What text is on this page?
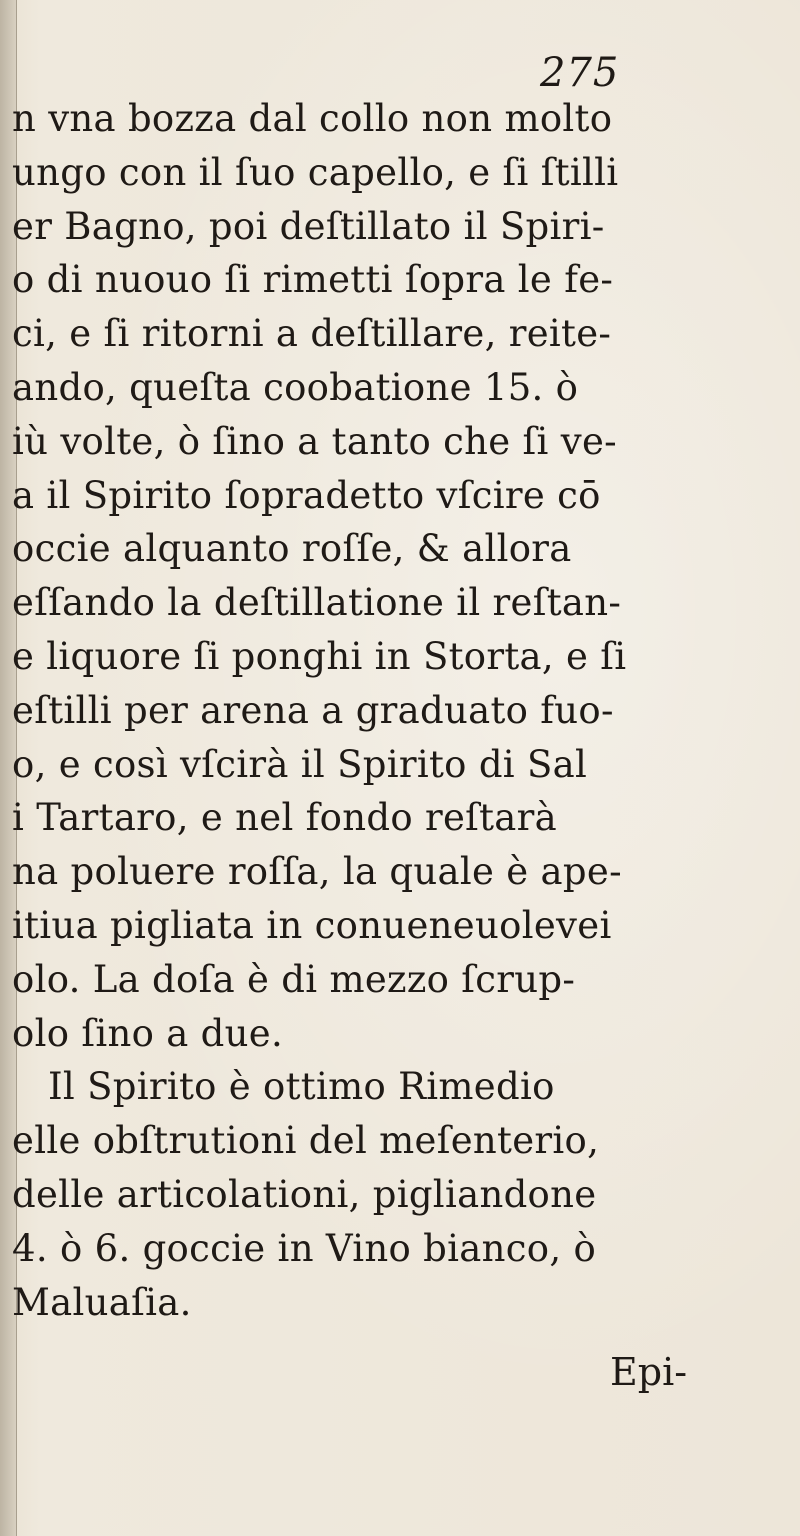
275
n vna bozza dal collo non molto
ungo con il ſuo capello, e ſi ſtilli
er Bagno, poi deſtillato il Spiri-
o di nuouo ſi rimetti ſopra le fe-
ci, e ſi ritorni a deſtillare, reite-
ando, queſta coobatione 15. ò
iù volte, ò ſino a tanto che ſi ve-
a il Spirito ſopradetto vſcire cō
occie alquanto roſſe, & allora
eſſando la deſtillatione il reſtan-
e liquore ſi ponghi in Storta, e ſi
eſtilli per arena a graduato fuo-
o, e così vſcirà il Spirito di Sal
i Tartaro, e nel fondo reſtarà
na poluere roſſa, la quale è ape-
itiua pigliata in conueneuolevei
olo. La doſa è di mezzo ſcrup-
olo ſino a due.
Il Spirito è ottimo Rimedio
elle obſtrutioni del meſenterio,
delle articolationi, pigliandone
4. ò 6. goccie in Vino bianco, ò
Maluaſia.
Epi-
